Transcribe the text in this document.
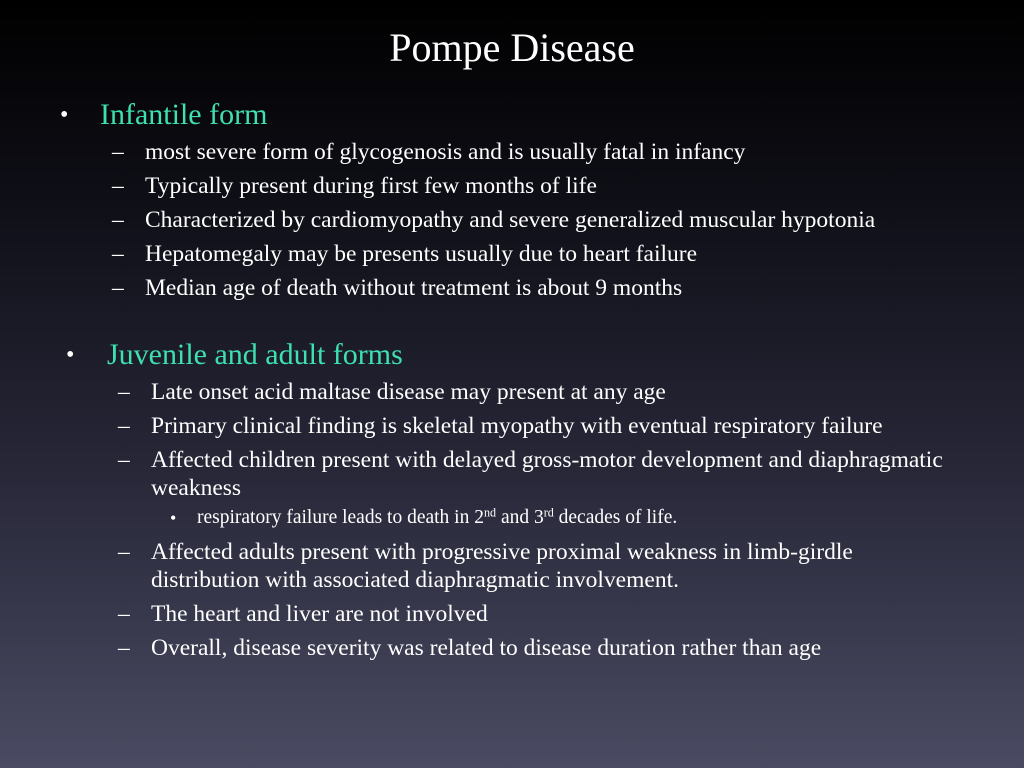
Pompe Disease
• Infantile form
– most severe form of glycogenosis and is usually fatal in infancy
– Typically present during first few months of life
– Characterized by cardiomyopathy and severe generalized muscular hypotonia
– Hepatomegaly may be presents usually due to heart failure
– Median age of death without treatment is about 9 months
• Juvenile and adult forms
– Late onset acid maltase disease may present at any age
– Primary clinical finding is skeletal myopathy with eventual respiratory failure
– Affected children present with delayed gross-motor development and diaphragmatic weakness
• respiratory failure leads to death in 2nd and 3rd decades of life.
– Affected adults present with progressive proximal weakness in limb-girdle distribution with associated diaphragmatic involvement.
– The heart and liver are not involved
– Overall, disease severity was related to disease duration rather than age
